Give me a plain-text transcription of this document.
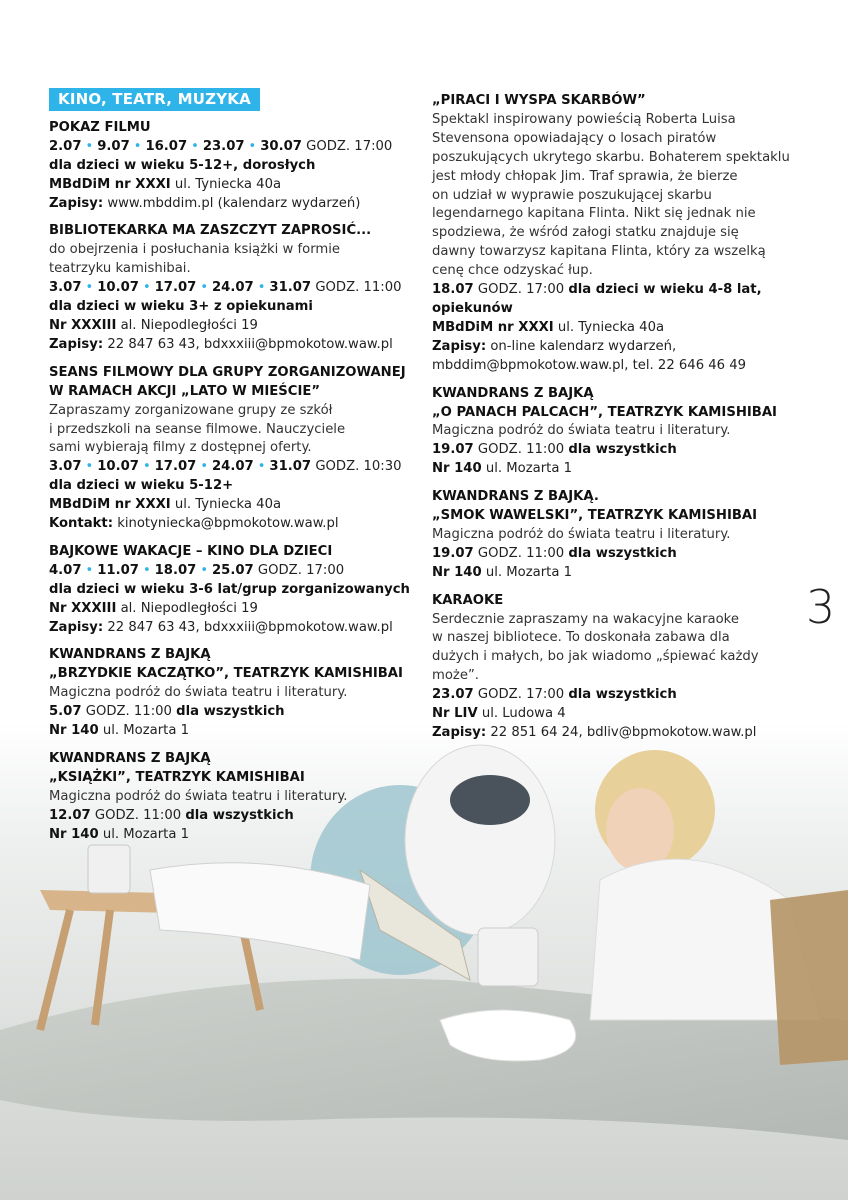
KINO, TEATR, MUZYKA
POKAZ FILMU
2.07 • 9.07 • 16.07 • 23.07 • 30.07 GODZ. 17:00
dla dzieci w wieku 5-12+, dorosłych
MBdDiM nr XXXI ul. Tyniecka 40a
Zapisy: www.mbddim.pl (kalendarz wydarzeń)
BIBLIOTEKARKA MA ZASZCZYT ZAPROSIĆ...
do obejrzenia i posłuchania książki w formie
teatrzyku kamishibai.
3.07 • 10.07 • 17.07 • 24.07 • 31.07 GODZ. 11:00
dla dzieci w wieku 3+ z opiekunami
Nr XXXIII al. Niepodległości 19
Zapisy: 22 847 63 43, bdxxxiii@bpmokotow.waw.pl
SEANS FILMOWY DLA GRUPY ZORGANIZOWANEJ
W RAMACH AKCJI „LATO W MIEŚCIE”
Zapraszamy zorganizowane grupy ze szkół
i przedszkoli na seanse filmowe. Nauczyciele
sami wybierają filmy z dostępnej oferty.
3.07 • 10.07 • 17.07 • 24.07 • 31.07 GODZ. 10:30
dla dzieci w wieku 5-12+
MBdDiM nr XXXI ul. Tyniecka 40a
Kontakt: kinotyniecka@bpmokotow.waw.pl
BAJKOWE WAKACJE – KINO DLA DZIECI
4.07 • 11.07 • 18.07 • 25.07 GODZ. 17:00
dla dzieci w wieku 3-6 lat/grup zorganizowanych
Nr XXXIII al. Niepodległości 19
Zapisy: 22 847 63 43, bdxxxiii@bpmokotow.waw.pl
KWANDRANS Z BAJKĄ
„BRZYDKIE KACZĄTKO”, TEATRZYK KAMISHIBAI
Magiczna podróż do świata teatru i literatury.
5.07 GODZ. 11:00 dla wszystkich
Nr 140 ul. Mozarta 1
KWANDRANS Z BAJKĄ
„KSIĄŻKI”, TEATRZYK KAMISHIBAI
Magiczna podróż do świata teatru i literatury.
12.07 GODZ. 11:00 dla wszystkich
Nr 140 ul. Mozarta 1
„PIRACI I WYSPA SKARBÓW”
Spektakl inspirowany powieścią Roberta Luisa
Stevensona opowiadający o losach piratów
poszukujących ukrytego skarbu. Bohaterem spektaklu
jest młody chłopak Jim. Traf sprawia, że bierze
on udział w wyprawie poszukującej skarbu
legendarnego kapitana Flinta. Nikt się jednak nie
spodziewa, że wśród załogi statku znajduje się
dawny towarzysz kapitana Flinta, który za wszelką
cenę chce odzyskać łup.
18.07 GODZ. 17:00 dla dzieci w wieku 4-8 lat,
opiekunów
MBdDiM nr XXXI ul. Tyniecka 40a
Zapisy: on-line kalendarz wydarzeń,
mbddim@bpmokotow.waw.pl, tel. 22 646 46 49
KWANDRANS Z BAJKĄ
„O PANACH PALCACH”, TEATRZYK KAMISHIBAI
Magiczna podróż do świata teatru i literatury.
19.07 GODZ. 11:00 dla wszystkich
Nr 140 ul. Mozarta 1
KWANDRANS Z BAJKĄ.
„SMOK WAWELSKI”, TEATRZYK KAMISHIBAI
Magiczna podróż do świata teatru i literatury.
19.07 GODZ. 11:00 dla wszystkich
Nr 140 ul. Mozarta 1
KARAOKE
Serdecznie zapraszamy na wakacyjne karaoke
w naszej bibliotece. To doskonała zabawa dla
dużych i małych, bo jak wiadomo „śpiewać każdy
może”.
23.07 GODZ. 17:00 dla wszystkich
Nr LIV ul. Ludowa 4
Zapisy: 22 851 64 24, bdliv@bpmokotow.waw.pl
3
